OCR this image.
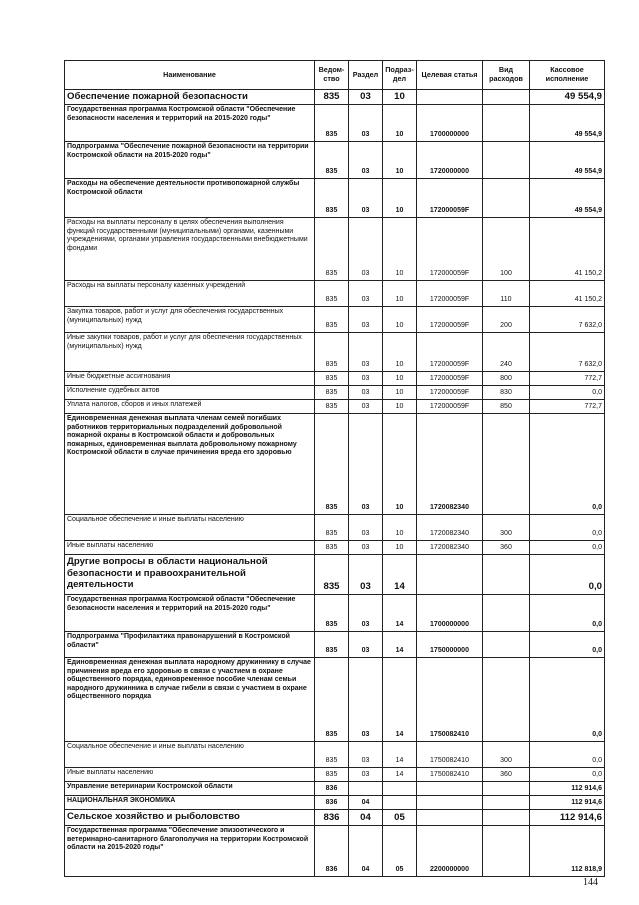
Наименование	Ведом-ство	Раздел	Подраз-дел	Целевая статья	Вид расходов	Кассовое исполнение
Обеспечение пожарной безопасности	835	03	10			49 554,9
Государственная программа Костромской области "Обеспечение безопасности населения и территорий на 2015-2020 годы"	835	03	10	1700000000		49 554,9
Подпрограмма "Обеспечение пожарной безопасности на территории Костромской области на 2015-2020 годы"	835	03	10	1720000000		49 554,9
Расходы на обеспечение деятельности противопожарной службы Костромской области	835	03	10	172000059F		49 554,9
Расходы на выплаты персоналу в целях обеспечения выполнения функций государственными (муниципальными) органами, казенными учреждениями, органами управления государственными внебюджетными фондами	835	03	10	172000059F	100	41 150,2
Расходы на выплаты персоналу казенных учреждений	835	03	10	172000059F	110	41 150,2
Закупка товаров, работ и услуг для обеспечения государственных (муниципальных) нужд	835	03	10	172000059F	200	7 632,0
Иные закупки товаров, работ и услуг для обеспечения государственных (муниципальных) нужд	835	03	10	172000059F	240	7 632,0
Иные бюджетные ассигнования	835	03	10	172000059F	800	772,7
Исполнение судебных актов	835	03	10	172000059F	830	0,0
Уплата налогов, сборов и иных платежей	835	03	10	172000059F	850	772,7
Единовременная денежная выплата членам семей погибших работников территориальных подразделений добровольной пожарной охраны в Костромской области и добровольных пожарных, единовременная выплата добровольному пожарному Костромской области в случае причинения вреда его здоровью	835	03	10	1720082340		0,0
Социальное обеспечение и иные выплаты населению	835	03	10	1720082340	300	0,0
Иные выплаты населению	835	03	10	1720082340	360	0,0
Другие вопросы в области национальной безопасности и правоохранительной деятельности	835	03	14			0,0
Государственная программа Костромской области "Обеспечение безопасности населения и территорий на 2015-2020 годы"	835	03	14	1700000000		0,0
Подпрограмма "Профилактика правонарушений в Костромской области"	835	03	14	1750000000		0,0
Единовременная денежная выплата народному дружиннику в случае причинения вреда его здоровью в связи с участием в охране общественного порядка, единовременное пособие членам семьи народного дружинника в случае гибели в связи с участием в охране общественного порядка	835	03	14	1750082410		0,0
Социальное обеспечение и иные выплаты населению	835	03	14	1750082410	300	0,0
Иные выплаты населению	835	03	14	1750082410	360	0,0
Управление ветеринарии Костромской области	836					112 914,6
НАЦИОНАЛЬНАЯ ЭКОНОМИКА	836	04				112 914,6
Сельское хозяйство и рыболовство	836	04	05			112 914,6
Государственная программа "Обеспечение эпизоотического и ветеринарно-санитарного благополучия на территории Костромской области на 2015-2020 годы"	836	04	05	2200000000		112 818,9
144
